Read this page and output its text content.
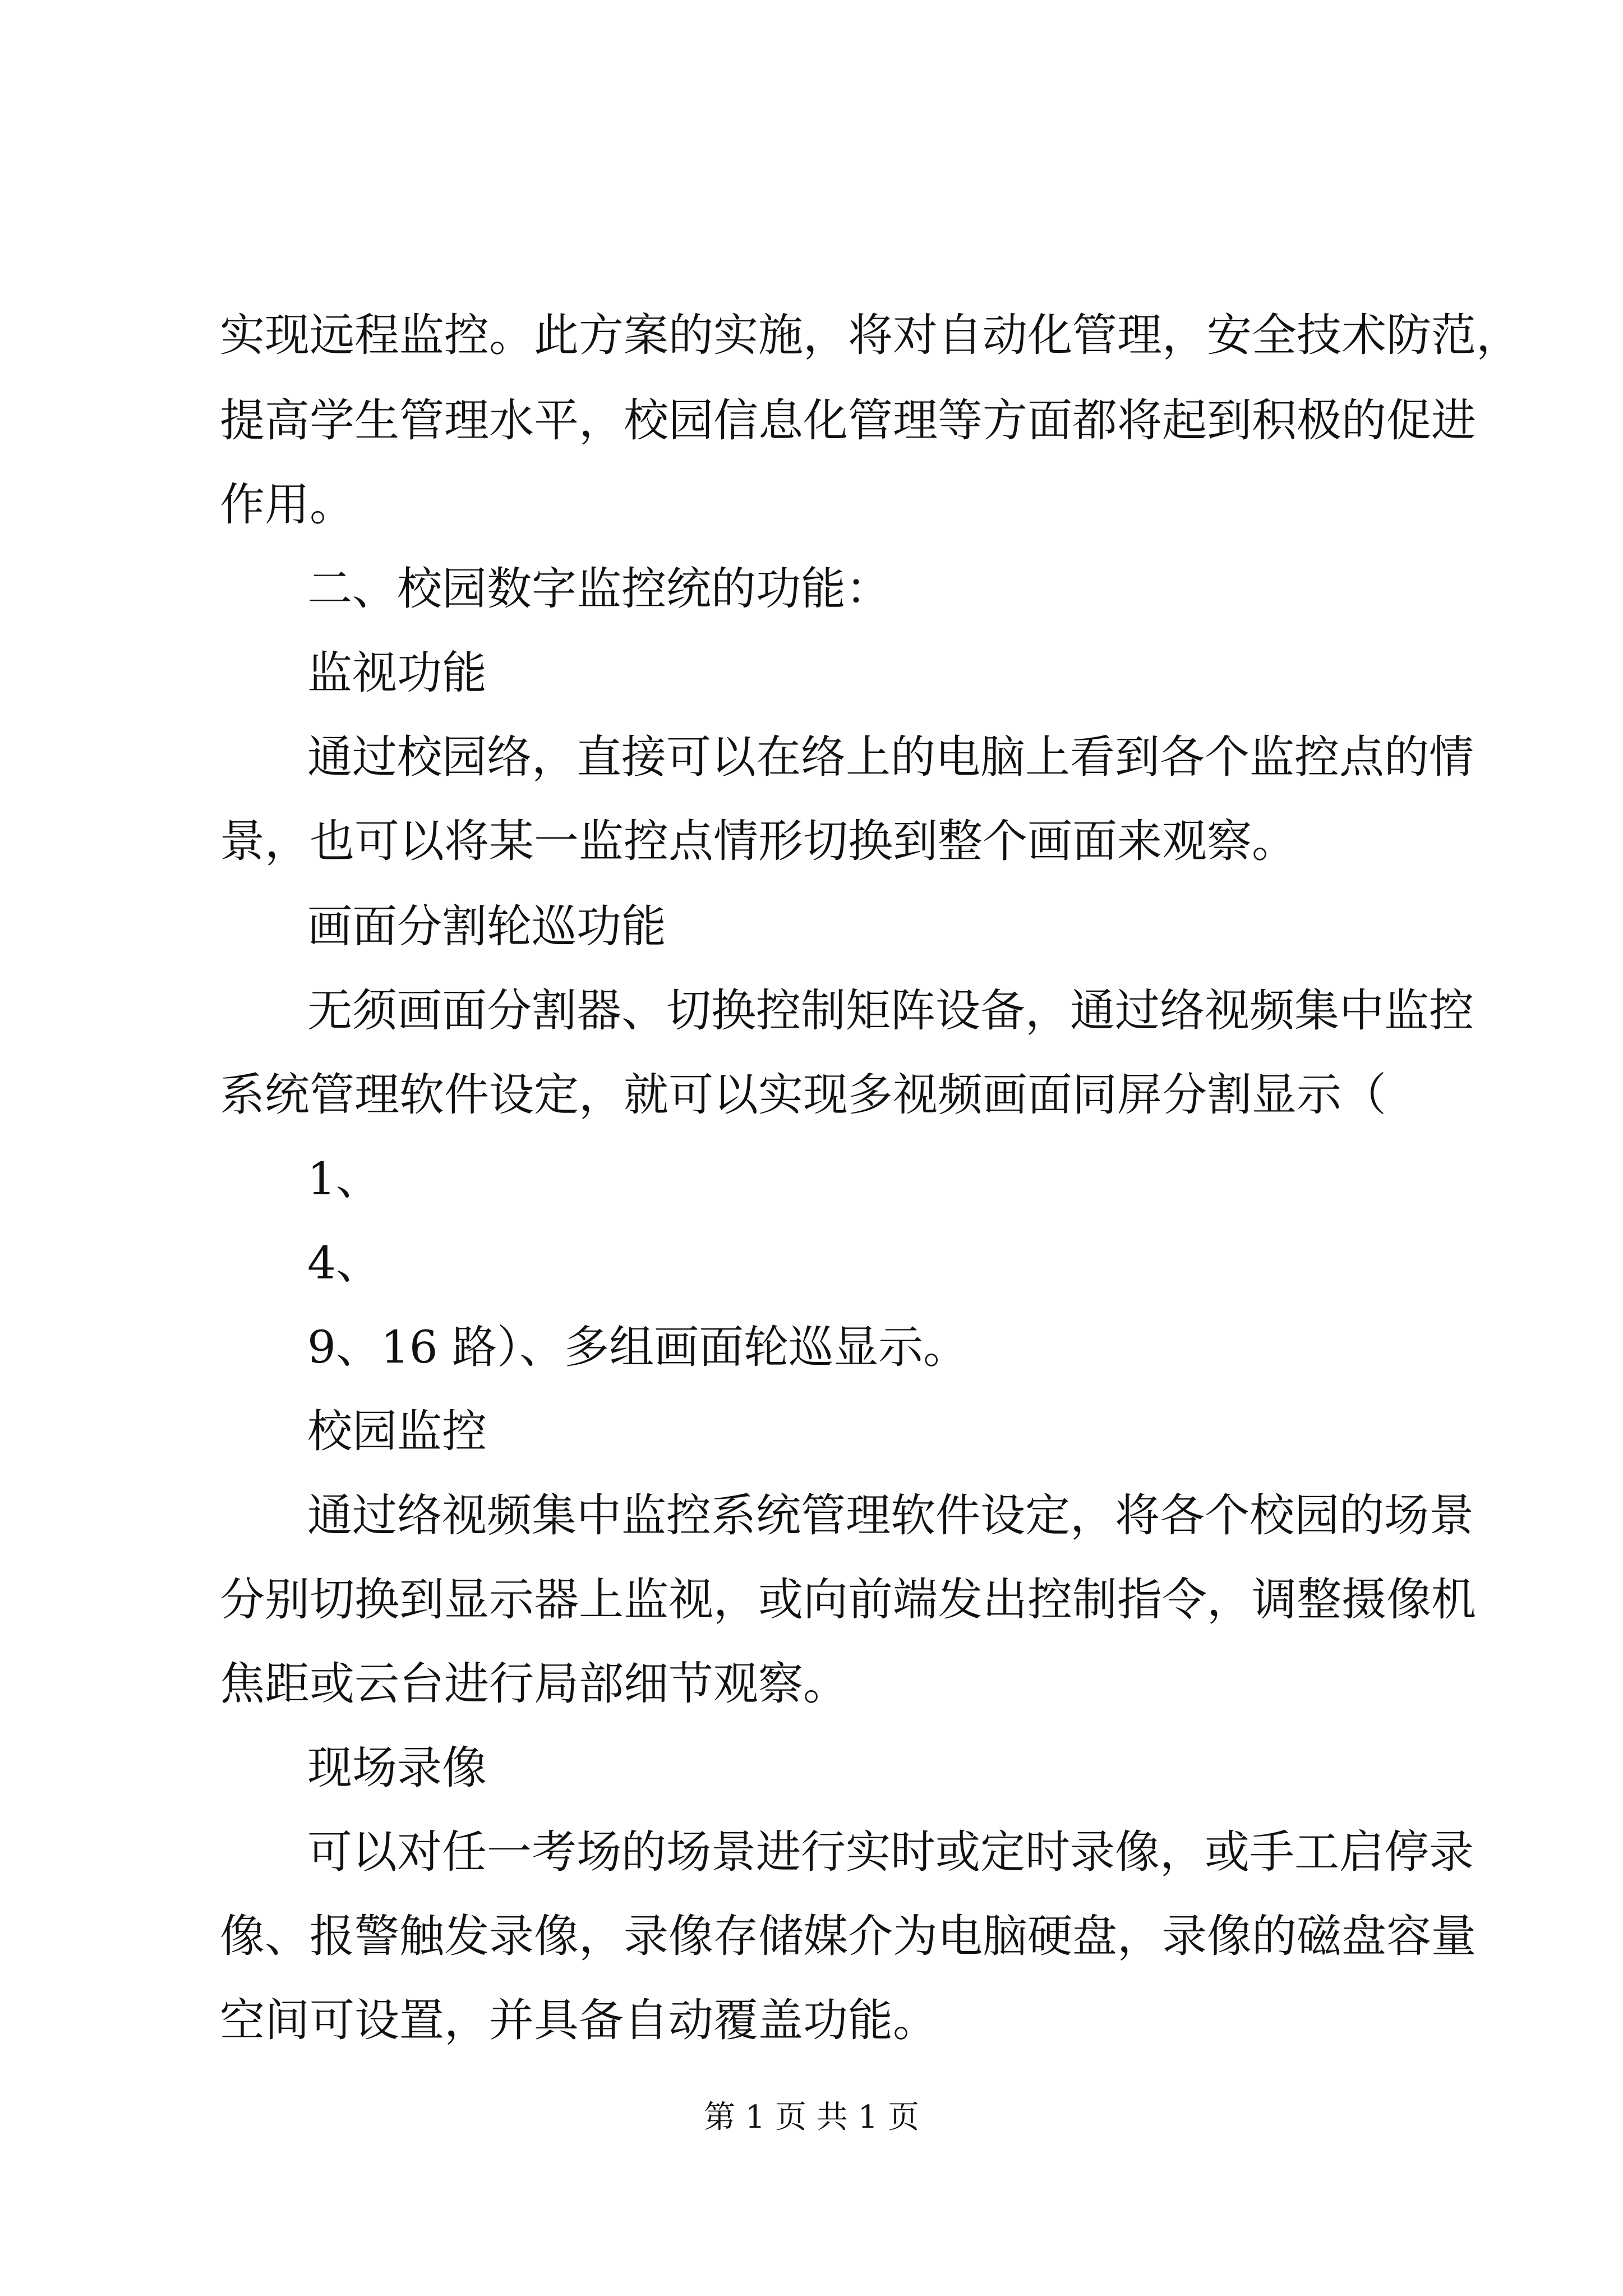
实现远程监控。此方案的实施，将对自动化管理，安全技术防范，

提高学生管理水平，校园信息化管理等方面都将起到积极的促进

作用。

二、校园数字监控统的功能：

监视功能

通过校园络，直接可以在络上的电脑上看到各个监控点的情

景，也可以将某一监控点情形切换到整个画面来观察。

画面分割轮巡功能

无须画面分割器、切换控制矩阵设备，通过络视频集中监控

系统管理软件设定，就可以实现多视频画面同屏分割显示（

1、

4、

9、16 路）、多组画面轮巡显示。

校园监控

通过络视频集中监控系统管理软件设定，将各个校园的场景

分别切换到显示器上监视，或向前端发出控制指令，调整摄像机

焦距或云台进行局部细节观察。

现场录像

可以对任一考场的场景进行实时或定时录像，或手工启停录

像、报警触发录像，录像存储媒介为电脑硬盘，录像的磁盘容量

空间可设置，并具备自动覆盖功能。

第 1 页 共 1 页
